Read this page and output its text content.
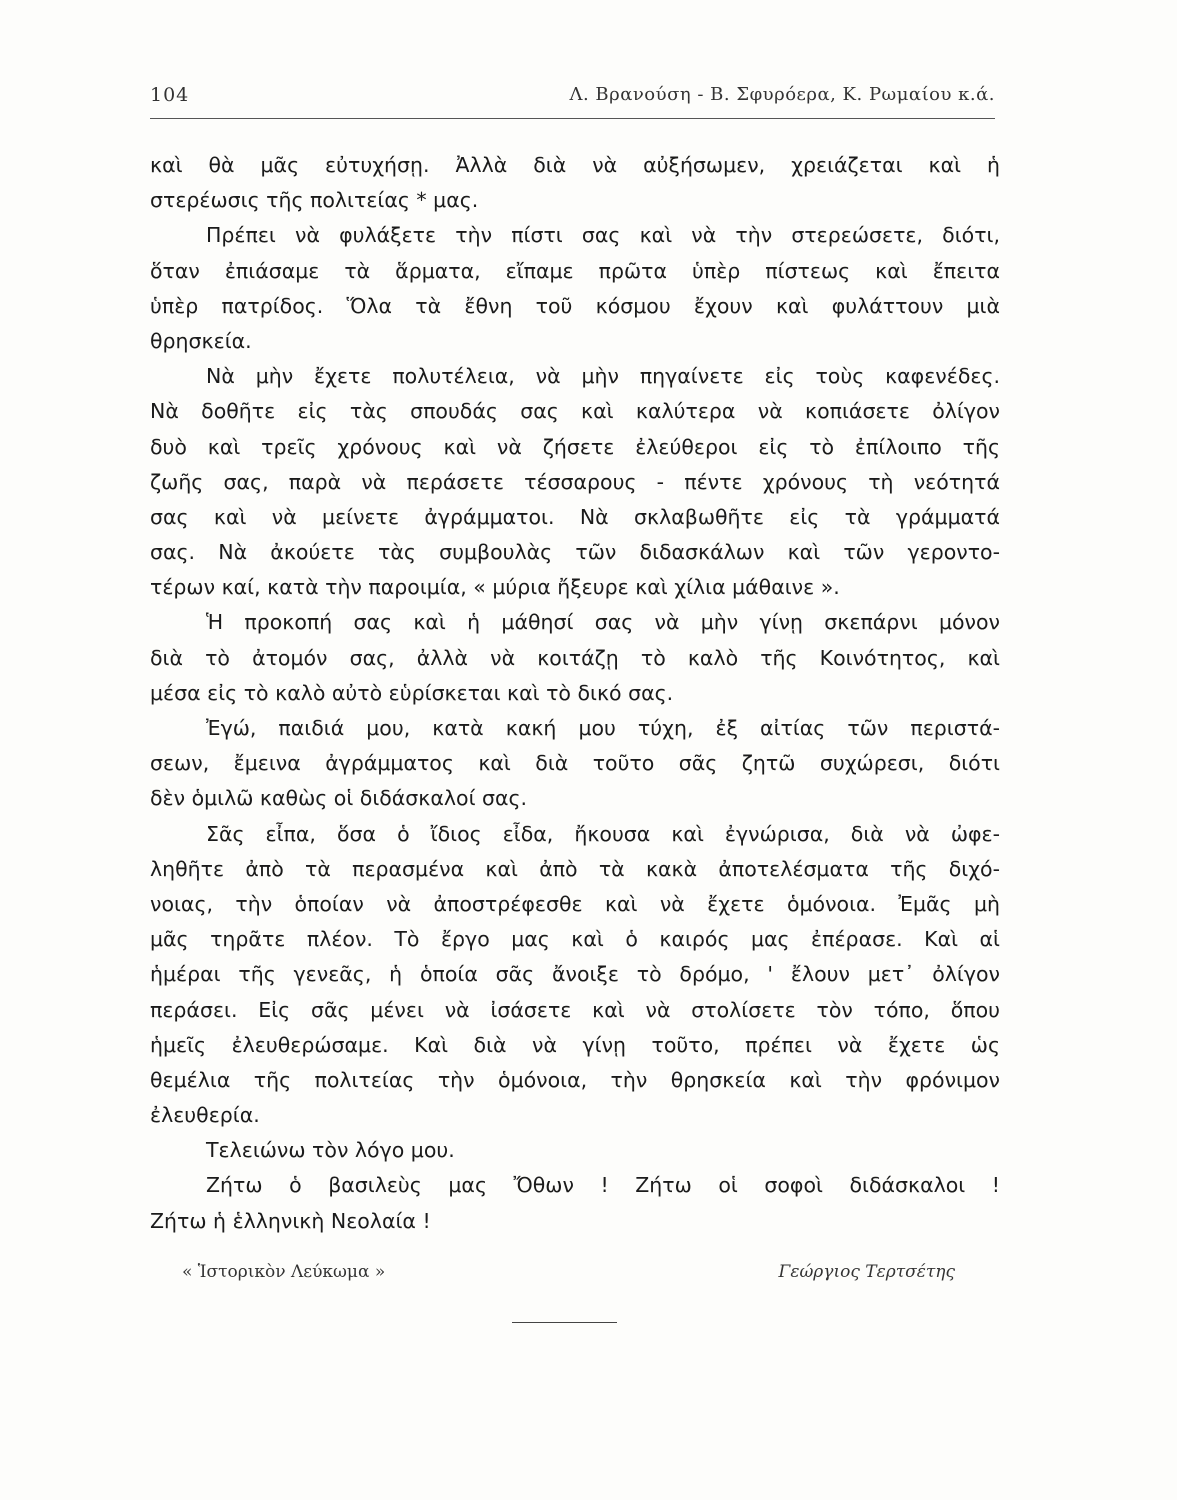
104	Λ. Βρανούση - Β. Σφυρόερα, Κ. Ρωμαίου κ.ά.
καὶ θὰ μᾶς εὐτυχήσῃ. Ἀλλὰ διὰ νὰ αὐξήσωμεν, χρειάζεται καὶ ἡ
στερέωσις τῆς πολιτείας * μας.
Πρέπει νὰ φυλάξετε τὴν πίστι σας καὶ νὰ τὴν στερεώσετε, διότι,
ὅταν ἐπιάσαμε τὰ ἅρματα, εἴπαμε πρῶτα ὑπὲρ πίστεως καὶ ἔπειτα
ὑπὲρ πατρίδος. Ὅλα τὰ ἔθνη τοῦ κόσμου ἔχουν καὶ φυλάττουν μιὰ
θρησκεία.
Νὰ μὴν ἔχετε πολυτέλεια, νὰ μὴν πηγαίνετε εἰς τοὺς καφενέδες.
Νὰ δοθῆτε εἰς τὰς σπουδάς σας καὶ καλύτερα νὰ κοπιάσετε ὀλίγον
δυὸ καὶ τρεῖς χρόνους καὶ νὰ ζήσετε ἐλεύθεροι εἰς τὸ ἐπίλοιπο τῆς
ζωῆς σας, παρὰ νὰ περάσετε τέσσαρους - πέντε χρόνους τὴ νεότητά
σας καὶ νὰ μείνετε ἀγράμματοι. Νὰ σκλαβωθῆτε εἰς τὰ γράμματά
σας. Νὰ ἀκούετε τὰς συμβουλὰς τῶν διδασκάλων καὶ τῶν γεροντο-
τέρων καί, κατὰ τὴν παροιμία, « μύρια ἤξευρε καὶ χίλια μάθαινε ».
Ἡ προκοπή σας καὶ ἡ μάθησί σας νὰ μὴν γίνῃ σκεπάρνι μόνον
διὰ τὸ ἀτομόν σας, ἀλλὰ νὰ κοιτάζῃ τὸ καλὸ τῆς Κοινότητος, καὶ
μέσα εἰς τὸ καλὸ αὐτὸ εὑρίσκεται καὶ τὸ δικό σας.
Ἐγώ, παιδιά μου, κατὰ κακή μου τύχη, ἐξ αἰτίας τῶν περιστά-
σεων, ἔμεινα ἀγράμματος καὶ διὰ τοῦτο σᾶς ζητῶ συχώρεσι, διότι
δὲν ὁμιλῶ καθὼς οἱ διδάσκαλοί σας.
Σᾶς εἶπα, ὅσα ὁ ἴδιος εἶδα, ἤκουσα καὶ ἐγνώρισα, διὰ νὰ ὠφε-
ληθῆτε ἀπὸ τὰ περασμένα καὶ ἀπὸ τὰ κακὰ ἀποτελέσματα τῆς διχό-
νοιας, τὴν ὁποίαν νὰ ἀποστρέφεσθε καὶ νὰ ἔχετε ὁμόνοια. Ἐμᾶς μὴ
μᾶς τηρᾶτε πλέον. Τὸ ἔργο μας καὶ ὁ καιρός μας ἐπέρασε. Καὶ αἱ
ἡμέραι τῆς γενεᾶς, ἡ ὁποία σᾶς ἄνοιξε τὸ δρόμο, ' ἔλουν μετ᾽ ὀλίγον
περάσει. Εἰς σᾶς μένει νὰ ἰσάσετε καὶ νὰ στολίσετε τὸν τόπο, ὅπου
ἡμεῖς ἐλευθερώσαμε. Καὶ διὰ νὰ γίνῃ τοῦτο, πρέπει νὰ ἔχετε ὡς
θεμέλια τῆς πολιτείας τὴν ὁμόνοια, τὴν θρησκεία καὶ τὴν φρόνιμον
ἐλευθερία.
Τελειώνω τὸν λόγο μου.
Ζήτω ὁ βασιλεὺς μας Ὄθων ! Ζήτω οἱ σοφοὶ διδάσκαλοι !
Ζήτω ἡ ἑλληνικὴ Νεολαία !
« Ἱστορικὸν Λεύκωμα »	Γεώργιος Τερτσέτης
